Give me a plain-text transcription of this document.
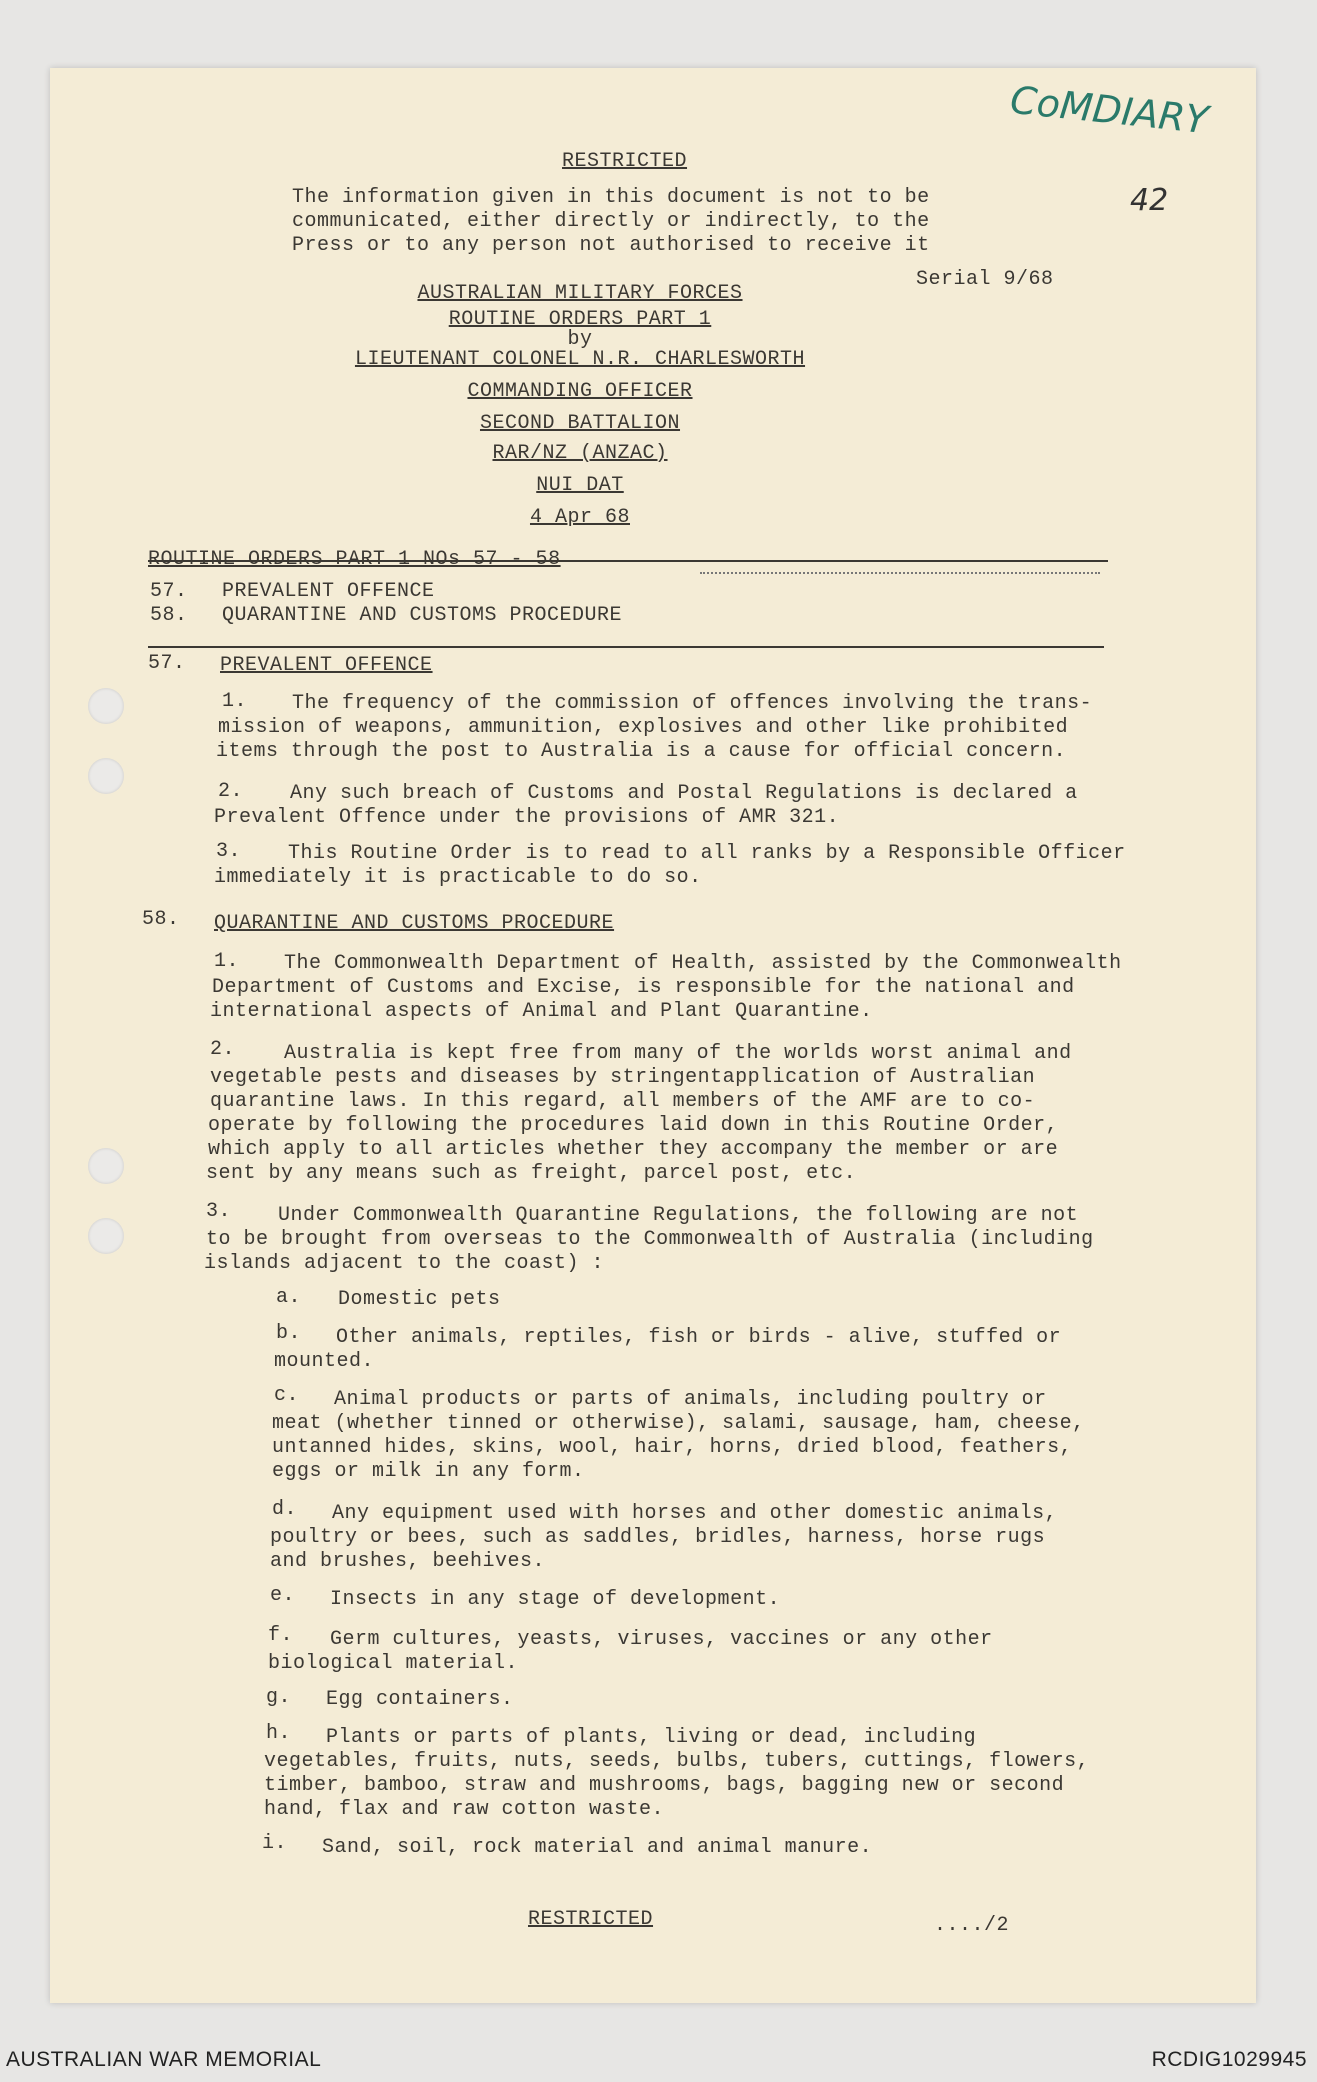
CoMDIARY
42
RESTRICTED
The information given in this document is not to be
communicated, either directly or indirectly, to the
Press or to any person not authorised to receive it
Serial 9/68
AUSTRALIAN MILITARY FORCES
ROUTINE ORDERS PART 1
by
LIEUTENANT COLONEL N.R. CHARLESWORTH
COMMANDING OFFICER
SECOND BATTALION
RAR/NZ (ANZAC)
NUI DAT
4 Apr 68
ROUTINE ORDERS PART 1 NOs 57 - 58
57. PREVALENT OFFENCE
58. QUARANTINE AND CUSTOMS PROCEDURE
57. PREVALENT OFFENCE
1. The frequency of the commission of offences involving the trans-
mission of weapons, ammunition, explosives and other like prohibited
items through the post to Australia is a cause for official concern.
2. Any such breach of Customs and Postal Regulations is declared a
Prevalent Offence under the provisions of AMR 321.
3. This Routine Order is to read to all ranks by a Responsible Officer
immediately it is practicable to do so.
58. QUARANTINE AND CUSTOMS PROCEDURE
1. The Commonwealth Department of Health, assisted by the Commonwealth
Department of Customs and Excise, is responsible for the national and
international aspects of Animal and Plant Quarantine.
2. Australia is kept free from many of the worlds worst animal and
vegetable pests and diseases by stringentapplication of Australian
quarantine laws. In this regard, all members of the AMF are to co-
operate by following the procedures laid down in this Routine Order,
which apply to all articles whether they accompany the member or are
sent by any means such as freight, parcel post, etc.
3. Under Commonwealth Quarantine Regulations, the following are not
to be brought from overseas to the Commonwealth of Australia (including
islands adjacent to the coast) :
a. Domestic pets
b. Other animals, reptiles, fish or birds - alive, stuffed or
mounted.
c. Animal products or parts of animals, including poultry or
meat (whether tinned or otherwise), salami, sausage, ham, cheese,
untanned hides, skins, wool, hair, horns, dried blood, feathers,
eggs or milk in any form.
d. Any equipment used with horses and other domestic animals,
poultry or bees, such as saddles, bridles, harness, horse rugs
and brushes, beehives.
e. Insects in any stage of development.
f. Germ cultures, yeasts, viruses, vaccines or any other
biological material.
g. Egg containers.
h. Plants or parts of plants, living or dead, including
vegetables, fruits, nuts, seeds, bulbs, tubers, cuttings, flowers,
timber, bamboo, straw and mushrooms, bags, bagging new or second
hand, flax and raw cotton waste.
i. Sand, soil, rock material and animal manure.
RESTRICTED	..../2
AUSTRALIAN WAR MEMORIAL	RCDIG1029945
